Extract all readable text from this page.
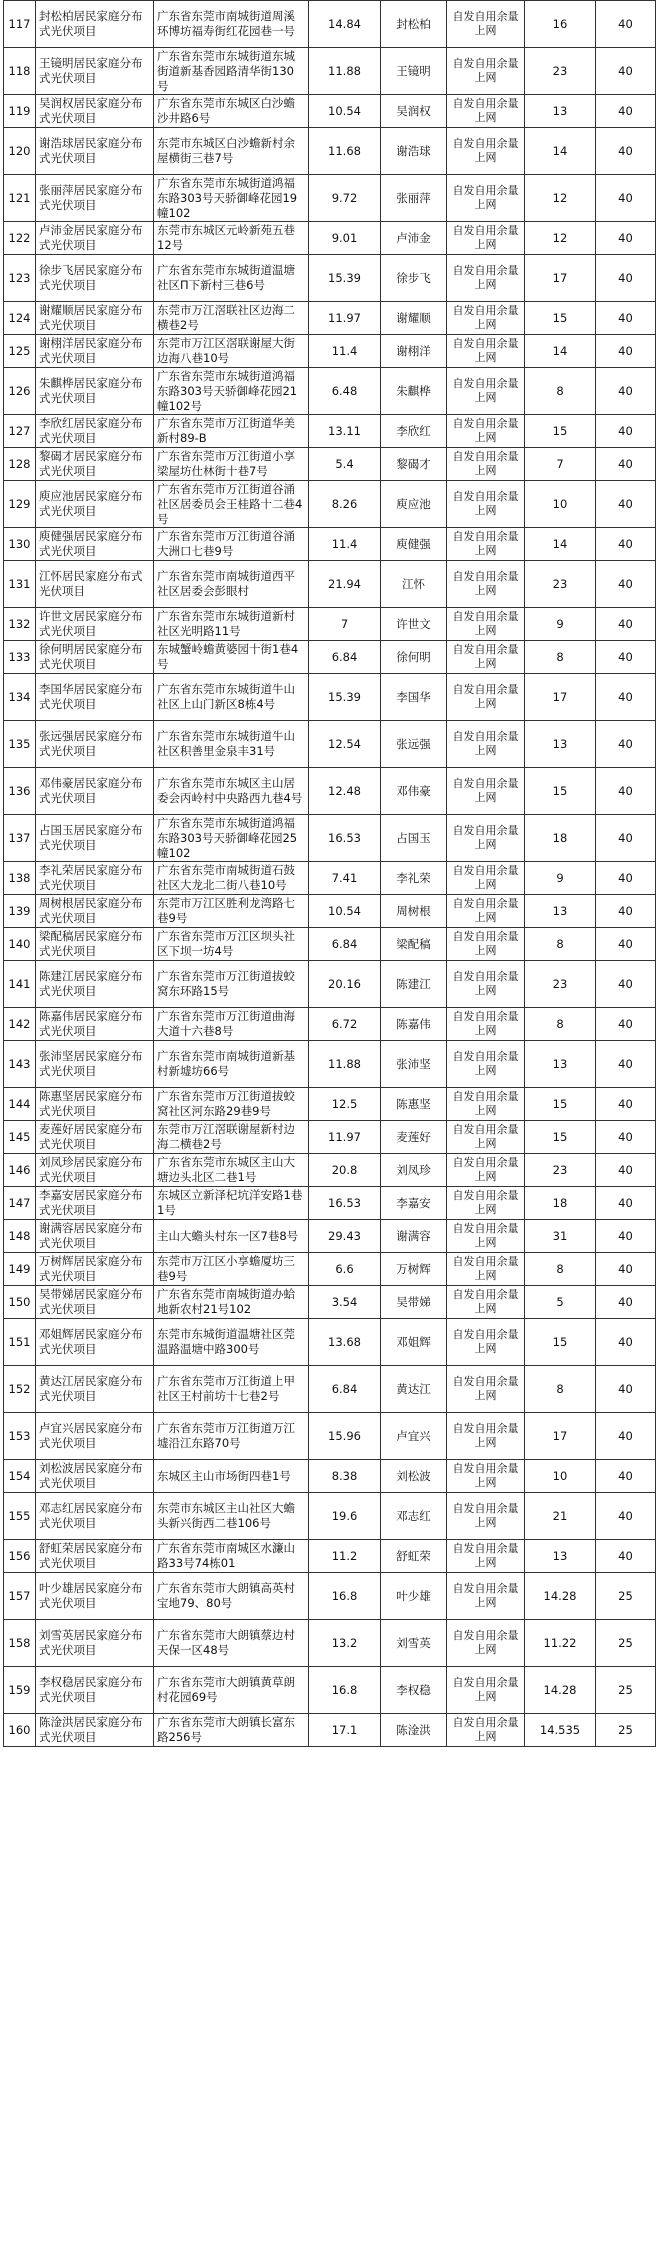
117	封松柏居民家庭分布式光伏项目	广东省东莞市南城街道周溪环博坊福寿街红花园巷一号	14.84	封松柏	自发自用余量上网	16	40
118	王镜明居民家庭分布式光伏项目	广东省东莞市东城街道东城街道新基香园路清华街130号	11.88	王镜明	自发自用余量上网	23	40
119	吴润权居民家庭分布式光伏项目	广东省东莞市东城区白沙蟾沙井路6号	10.54	吴润权	自发自用余量上网	13	40
120	谢浩球居民家庭分布式光伏项目	东莞市东城区白沙蟾新村余屋横街三巷7号	11.68	谢浩球	自发自用余量上网	14	40
121	张丽萍居民家庭分布式光伏项目	广东省东莞市东城街道鸿福东路303号天骄御峰花园19幢102	9.72	张丽萍	自发自用余量上网	12	40
122	卢沛金居民家庭分布式光伏项目	东莞市东城区元岭新苑五巷12号	9.01	卢沛金	自发自用余量上网	12	40
123	徐步飞居民家庭分布式光伏项目	广东省东莞市东城街道温塘社区П下新村三巷6号	15.39	徐步飞	自发自用余量上网	17	40
124	谢耀顺居民家庭分布式光伏项目	东莞市万江滘联社区边海二横巷2号	11.97	谢耀顺	自发自用余量上网	15	40
125	谢栩洋居民家庭分布式光伏项目	东莞市万江区滘联谢屋大街边海八巷10号	11.4	谢栩洋	自发自用余量上网	14	40
126	朱麒桦居民家庭分布式光伏项目	广东省东莞市东城街道鸿福东路303号天骄御峰花园21幢102号	6.48	朱麒桦	自发自用余量上网	8	40
127	李欣红居民家庭分布式光伏项目	广东省东莞市万江街道华美新村89-B	13.11	李欣红	自发自用余量上网	15	40
128	黎碣才居民家庭分布式光伏项目	广东省东莞市万江街道小享梁屋坊仕林街十巷7号	5.4	黎碣才	自发自用余量上网	7	40
129	庾应池居民家庭分布式光伏项目	广东省东莞市万江街道谷涌社区居委员会王桂路十二巷4号	8.26	庾应池	自发自用余量上网	10	40
130	庾健强居民家庭分布式光伏项目	广东省东莞市万江街道谷涌大洲口七巷9号	11.4	庾健强	自发自用余量上网	14	40
131	江怀居民家庭分布式光伏项目	广东省东莞市南城街道西平社区居委会彭眼村	21.94	江怀	自发自用余量上网	23	40
132	许世文居民家庭分布式光伏项目	广东省东莞市东城街道新村社区光明路11号	7	许世文	自发自用余量上网	9	40
133	徐何明居民家庭分布式光伏项目	东城蟹岭蟾黄婆园十街1巷4号	6.84	徐何明	自发自用余量上网	8	40
134	李国华居民家庭分布式光伏项目	广东省东莞市东城街道牛山社区上山门新区8栋4号	15.39	李国华	自发自用余量上网	17	40
135	张远强居民家庭分布式光伏项目	广东省东莞市东城街道牛山社区积善里金泉丰31号	12.54	张远强	自发自用余量上网	13	40
136	邓伟豪居民家庭分布式光伏项目	广东省东莞市东城区主山居委会丙岭村中央路西九巷4号	12.48	邓伟豪	自发自用余量上网	15	40
137	占国玉居民家庭分布式光伏项目	广东省东莞市东城街道鸿福东路303号天骄御峰花园25幢102	16.53	占国玉	自发自用余量上网	18	40
138	李礼荣居民家庭分布式光伏项目	广东省东莞市南城街道石鼓社区大龙北二街八巷10号	7.41	李礼荣	自发自用余量上网	9	40
139	周树根居民家庭分布式光伏项目	东莞市万江区胜利龙湾路七巷9号	10.54	周树根	自发自用余量上网	13	40
140	梁配稿居民家庭分布式光伏项目	广东省东莞市万江区坝头社区下坝一坊4号	6.84	梁配稿	自发自用余量上网	8	40
141	陈建江居民家庭分布式光伏项目	广东省东莞市万江街道拔蛟窝东环路15号	20.16	陈建江	自发自用余量上网	23	40
142	陈嘉伟居民家庭分布式光伏项目	广东省东莞市万江街道曲海大道十六巷8号	6.72	陈嘉伟	自发自用余量上网	8	40
143	张沛坚居民家庭分布式光伏项目	广东省东莞市南城街道新基村新墟坊66号	11.88	张沛坚	自发自用余量上网	13	40
144	陈惠坚居民家庭分布式光伏项目	广东省东莞市万江街道拔蛟窝社区河东路29巷9号	12.5	陈惠坚	自发自用余量上网	15	40
145	麦莲好居民家庭分布式光伏项目	东莞市万江滘联谢屋新村边海二横巷2号	11.97	麦莲好	自发自用余量上网	15	40
146	刘凤珍居民家庭分布式光伏项目	广东省东莞市东城区主山大塘边头北区二巷1号	20.8	刘凤珍	自发自用余量上网	23	40
147	李嘉安居民家庭分布式光伏项目	东城区立新泽杞坑洋安路1巷1号	16.53	李嘉安	自发自用余量上网	18	40
148	谢满容居民家庭分布式光伏项目	主山大蟾头村东一区7巷8号	29.43	谢满容	自发自用余量上网	31	40
149	万树辉居民家庭分布式光伏项目	东莞市万江区小享蟾厦坊三巷9号	6.6	万树辉	自发自用余量上网	8	40
150	吴带娣居民家庭分布式光伏项目	广东省东莞市南城街道办蛤地新农村21号102	3.54	吴带娣	自发自用余量上网	5	40
151	邓姐辉居民家庭分布式光伏项目	东莞市东城街道温塘社区莞温路温塘中路300号	13.68	邓姐辉	自发自用余量上网	15	40
152	黄达江居民家庭分布式光伏项目	广东省东莞市万江街道上甲社区王村前坊十七巷2号	6.84	黄达江	自发自用余量上网	8	40
153	卢宜兴居民家庭分布式光伏项目	广东省东莞市万江街道万江墟沿江东路70号	15.96	卢宜兴	自发自用余量上网	17	40
154	刘松波居民家庭分布式光伏项目	东城区主山市场街四巷1号	8.38	刘松波	自发自用余量上网	10	40
155	邓志红居民家庭分布式光伏项目	东莞市东城区主山社区大蟾头新兴街西二巷106号	19.6	邓志红	自发自用余量上网	21	40
156	舒虹荣居民家庭分布式光伏项目	广东省东莞市南城区水濂山路33号74栋01	11.2	舒虹荣	自发自用余量上网	13	40
157	叶少雄居民家庭分布式光伏项目	广东省东莞市大朗镇高英村宝地79、80号	16.8	叶少雄	自发自用余量上网	14.28	25
158	刘雪英居民家庭分布式光伏项目	广东省东莞市大朗镇蔡边村天保一区48号	13.2	刘雪英	自发自用余量上网	11.22	25
159	李权稳居民家庭分布式光伏项目	广东省东莞市大朗镇黄草朗村花园69号	16.8	李权稳	自发自用余量上网	14.28	25
160	陈淦洪居民家庭分布式光伏项目	广东省东莞市大朗镇长富东路256号	17.1	陈淦洪	自发自用余量上网	14.535	25
